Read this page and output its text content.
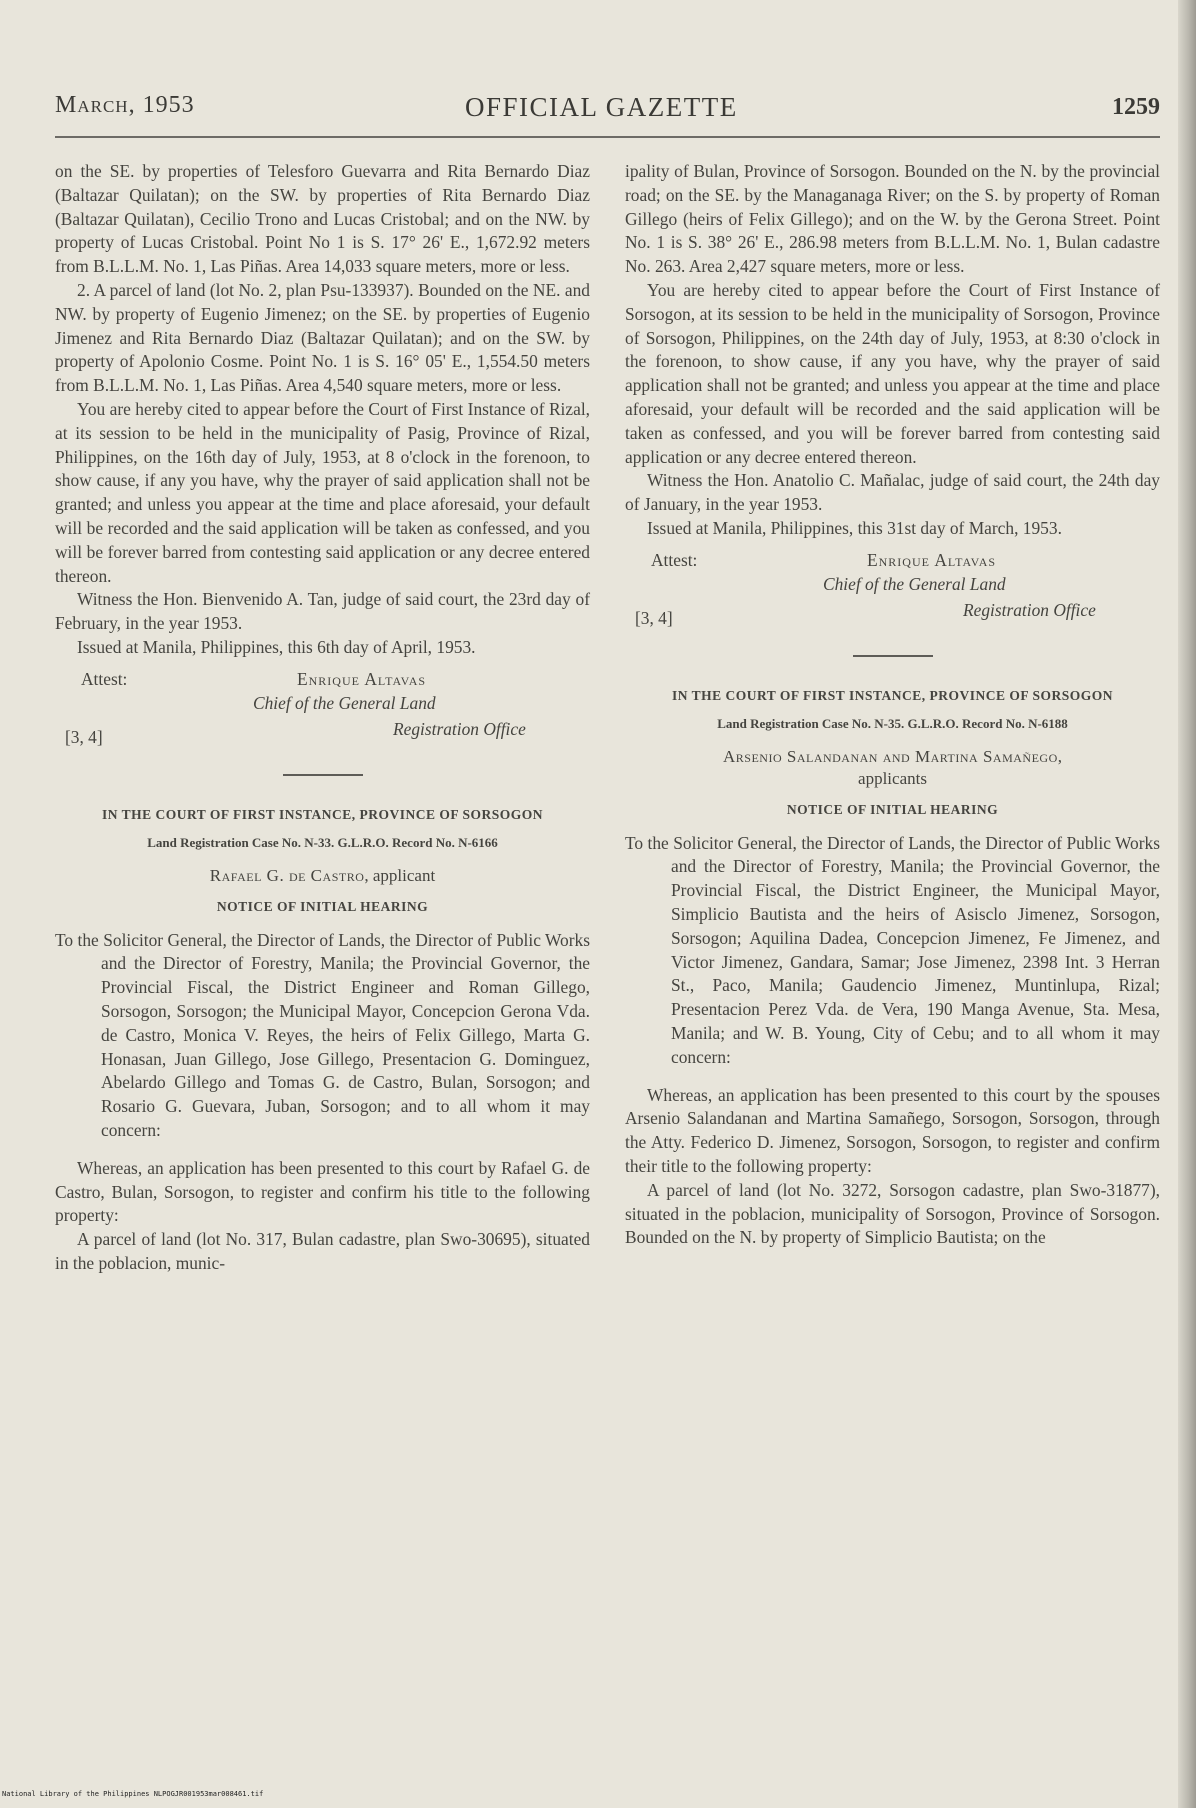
March, 1953	OFFICIAL GAZETTE	1259

on the SE. by properties of Telesforo Guevarra and Rita Bernardo Diaz (Baltazar Quilatan); on the SW. by properties of Rita Bernardo Diaz (Baltazar Quilatan), Cecilio Trono and Lucas Cristobal; and on the NW. by property of Lucas Cristobal. Point No 1 is S. 17° 26' E., 1,672.92 meters from B.L.L.M. No. 1, Las Piñas. Area 14,033 square meters, more or less.

2. A parcel of land (lot No. 2, plan Psu-133937). Bounded on the NE. and NW. by property of Eugenio Jimenez; on the SE. by properties of Eugenio Jimenez and Rita Bernardo Diaz (Baltazar Quilatan); and on the SW. by property of Apolonio Cosme. Point No. 1 is S. 16° 05' E., 1,554.50 meters from B.L.L.M. No. 1, Las Piñas. Area 4,540 square meters, more or less.

You are hereby cited to appear before the Court of First Instance of Rizal, at its session to be held in the municipality of Pasig, Province of Rizal, Philippines, on the 16th day of July, 1953, at 8 o'clock in the forenoon, to show cause, if any you have, why the prayer of said application shall not be granted; and unless you appear at the time and place aforesaid, your default will be recorded and the said application will be taken as confessed, and you will be forever barred from contesting said application or any decree entered thereon.

Witness the Hon. Bienvenido A. Tan, judge of said court, the 23rd day of February, in the year 1953.

Issued at Manila, Philippines, this 6th day of April, 1953.

Attest:	Enrique Altavas
Chief of the General Land
Registration Office
[3, 4]
IN THE COURT OF FIRST INSTANCE, PROVINCE OF SORSOGON
Land Registration Case No. N-33. G.L.R.O. Record No. N-6166
Rafael G. de Castro, applicant
NOTICE OF INITIAL HEARING

To the Solicitor General, the Director of Lands, the Director of Public Works and the Director of Forestry, Manila; the Provincial Governor, the Provincial Fiscal, the District Engineer and Roman Gillego, Sorsogon, Sorsogon; the Municipal Mayor, Concepcion Gerona Vda. de Castro, Monica V. Reyes, the heirs of Felix Gillego, Marta G. Honasan, Juan Gillego, Jose Gillego, Presentacion G. Dominguez, Abelardo Gillego and Tomas G. de Castro, Bulan, Sorsogon; and Rosario G. Guevara, Juban, Sorsogon; and to all whom it may concern:

Whereas, an application has been presented to this court by Rafael G. de Castro, Bulan, Sorsogon, to register and confirm his title to the following property:

A parcel of land (lot No. 317, Bulan cadastre, plan Swo-30695), situated in the poblacion, munic-

ipality of Bulan, Province of Sorsogon. Bounded on the N. by the provincial road; on the SE. by the Managanaga River; on the S. by property of Roman Gillego (heirs of Felix Gillego); and on the W. by the Gerona Street. Point No. 1 is S. 38° 26' E., 286.98 meters from B.L.L.M. No. 1, Bulan cadastre No. 263. Area 2,427 square meters, more or less.

You are hereby cited to appear before the Court of First Instance of Sorsogon, at its session to be held in the municipality of Sorsogon, Province of Sorsogon, Philippines, on the 24th day of July, 1953, at 8:30 o'clock in the forenoon, to show cause, if any you have, why the prayer of said application shall not be granted; and unless you appear at the time and place aforesaid, your default will be recorded and the said application will be taken as confessed, and you will be forever barred from contesting said application or any decree entered thereon.

Witness the Hon. Anatolio C. Mañalac, judge of said court, the 24th day of January, in the year 1953.

Issued at Manila, Philippines, this 31st day of March, 1953.

Attest:	Enrique Altavas
Chief of the General Land
Registration Office
[3, 4]
IN THE COURT OF FIRST INSTANCE, PROVINCE OF SORSOGON
Land Registration Case No. N-35. G.L.R.O. Record No. N-6188
Arsenio Salandanan and Martina Samañego,
applicants
NOTICE OF INITIAL HEARING

To the Solicitor General, the Director of Lands, the Director of Public Works and the Director of Forestry, Manila; the Provincial Governor, the Provincial Fiscal, the District Engineer, the Municipal Mayor, Simplicio Bautista and the heirs of Asisclo Jimenez, Sorsogon, Sorsogon; Aquilina Dadea, Concepcion Jimenez, Fe Jimenez, and Victor Jimenez, Gandara, Samar; Jose Jimenez, 2398 Int. 3 Herran St., Paco, Manila; Gaudencio Jimenez, Muntinlupa, Rizal; Presentacion Perez Vda. de Vera, 190 Manga Avenue, Sta. Mesa, Manila; and W. B. Young, City of Cebu; and to all whom it may concern:

Whereas, an application has been presented to this court by the spouses Arsenio Salandanan and Martina Samañego, Sorsogon, Sorsogon, through the Atty. Federico D. Jimenez, Sorsogon, Sorsogon, to register and confirm their title to the following property:

A parcel of land (lot No. 3272, Sorsogon cadastre, plan Swo-31877), situated in the poblacion, municipality of Sorsogon, Province of Sorsogon. Bounded on the N. by property of Simplicio Bautista; on the

National Library of the Philippines NLPOGJR001953mar008461.tif
